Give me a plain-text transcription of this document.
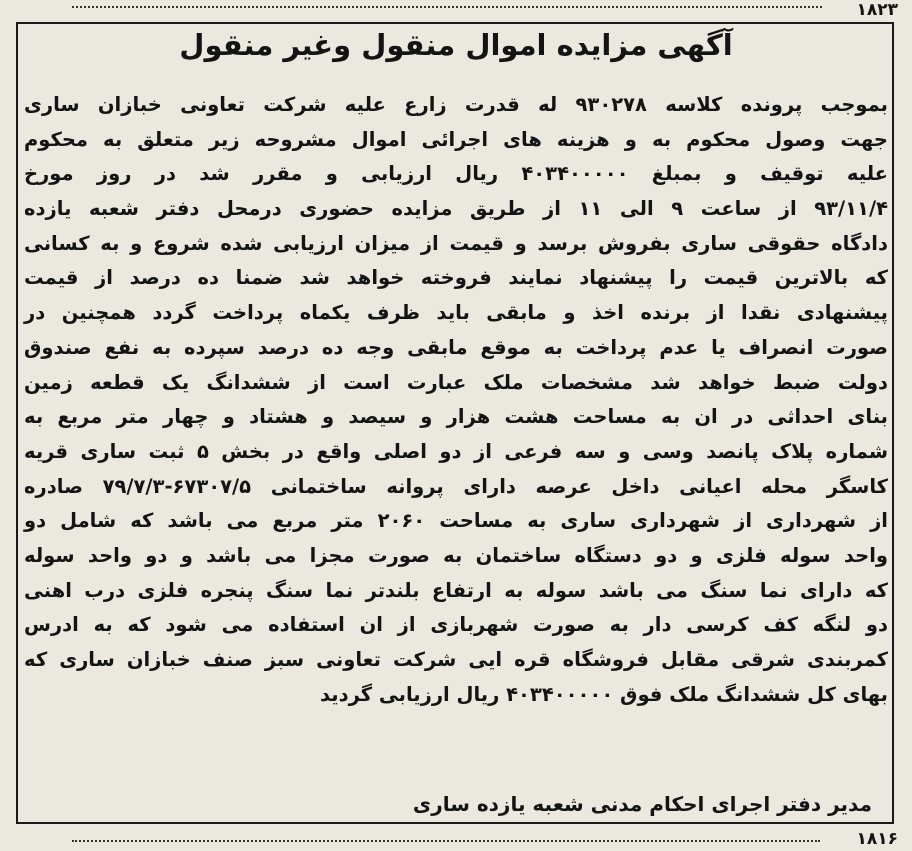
۱۸۲۳
آگهی مزایده اموال منقول وغیر منقول
بموجب پرونده کلاسه ۹۳۰۲۷۸ له قدرت زارع علیه شرکت تعاونی خبازان ساری
جهت وصول محکوم به و هزینه های اجرائی اموال مشروحه زیر متعلق به محکوم
علیه توقیف و بمبلغ ۴۰۳۴۰۰۰۰۰ ریال ارزیابی و مقرر شد در روز مورخ
۹۳/۱۱/۴ از ساعت ۹ الی ۱۱ از طریق مزایده حضوری درمحل دفتر شعبه یازده
دادگاه حقوقی ساری بفروش برسد و قیمت از میزان ارزیابی شده شروع و به کسانی
که بالاترین قیمت را پیشنهاد نمایند فروخته خواهد شد ضمنا ده درصد از قیمت
پیشنهادی نقدا از برنده اخذ و مابقی باید ظرف یکماه پرداخت گردد همچنین در
صورت انصراف یا عدم پرداخت به موقع مابقی وجه ده درصد سپرده به نفع صندوق
دولت ضبط خواهد شد مشخصات ملک عبارت است از ششدانگ یک قطعه زمین
بنای احداثی در ان به مساحت هشت هزار و سیصد و هشتاد و چهار متر مربع به
شماره پلاک پانصد وسی و سه فرعی از دو اصلی واقع در بخش ۵ ثبت ساری قریه
کاسگر محله اعیانی داخل عرصه دارای پروانه ساختمانی ۶۷۳۰۷/۵-۷۹/۷/۳ صادره
از شهرداری از شهرداری ساری به مساحت ۲۰۶۰ متر مربع می باشد که شامل دو
واحد سوله فلزی و دو دستگاه ساختمان به صورت مجزا می باشد و دو واحد سوله
که دارای نما سنگ می باشد سوله به ارتفاع بلندتر نما سنگ پنجره فلزی درب اهنی
دو لنگه کف کرسی دار به صورت شهربازی از ان استفاده می شود که به ادرس
کمربندی شرقی مقابل فروشگاه قره ایی شرکت تعاونی سبز صنف خبازان ساری که
بهای کل ششدانگ ملک فوق ۴۰۳۴۰۰۰۰۰ ریال ارزیابی گردید
مدیر دفتر اجرای احکام مدنی شعبه یازده ساری
۱۸۱۶
